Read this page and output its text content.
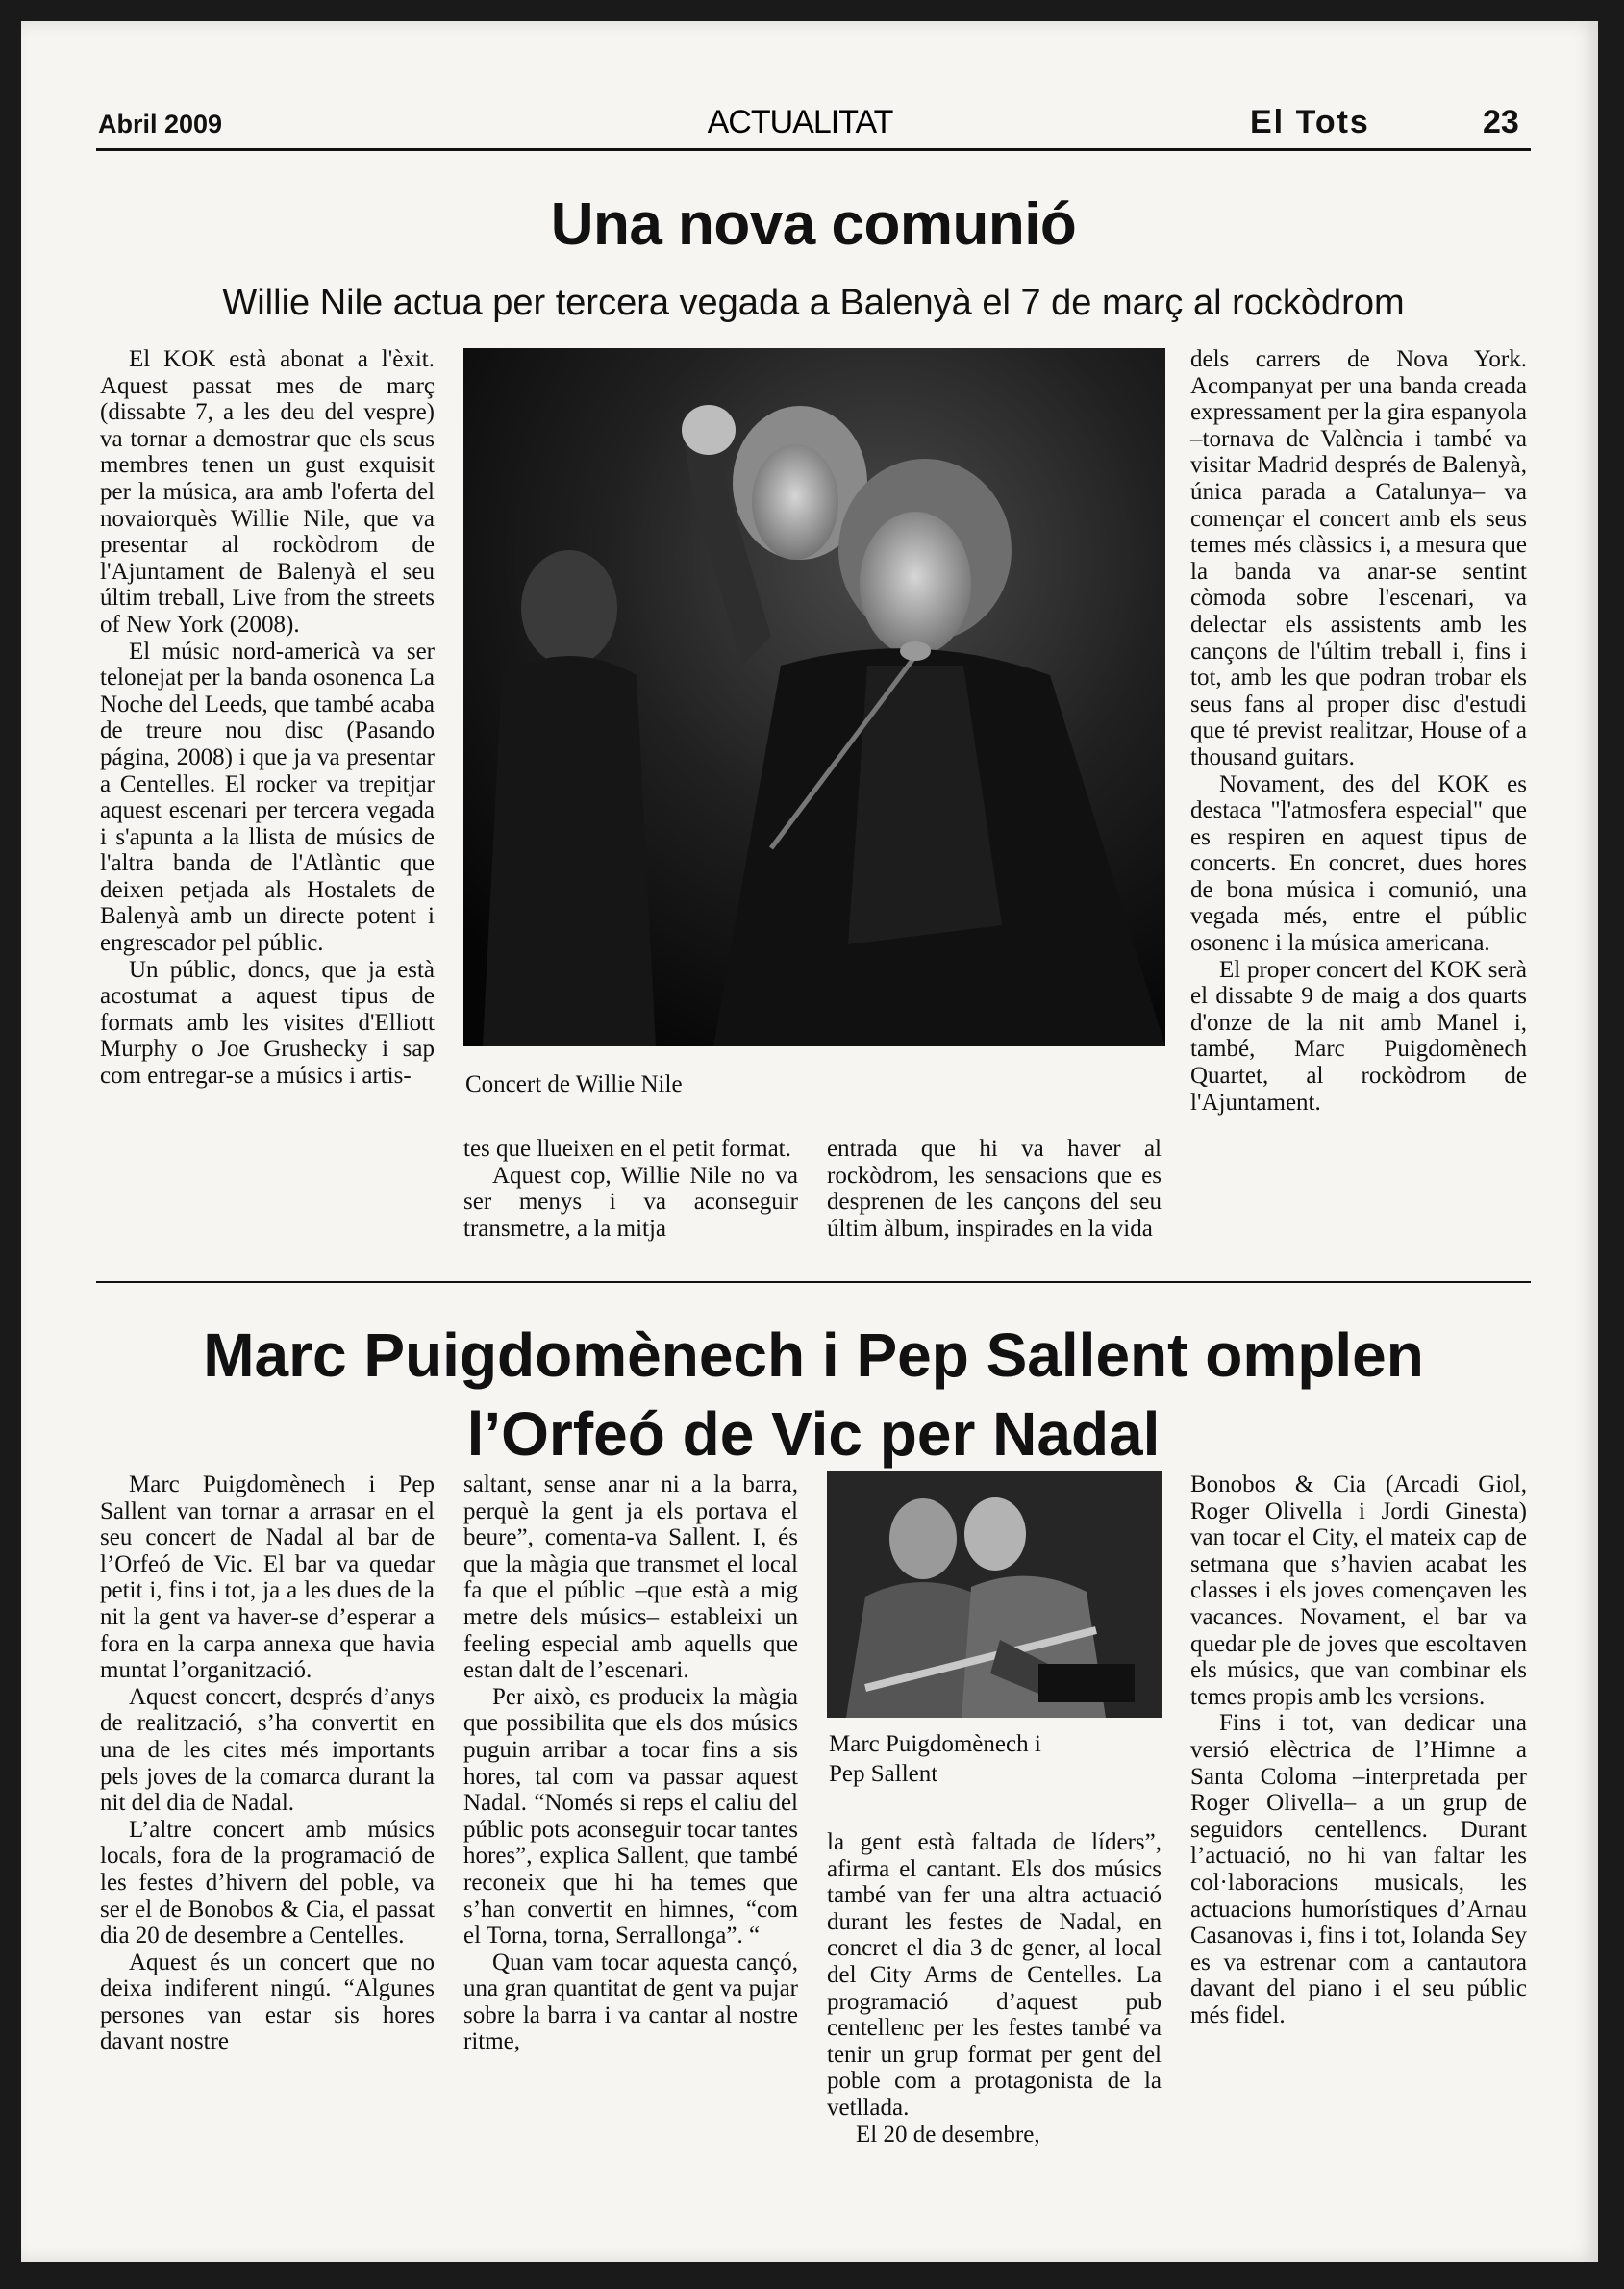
Abril 2009	ACTUALITAT	El Tots	23
Una nova comunió
Willie Nile actua per tercera vegada a Balenyà el 7 de març al rockòdrom

El KOK està abonat a l'èxit. Aquest passat mes de març (dissabte 7, a les deu del vespre) va tornar a demostrar que els seus membres tenen un gust exquisit per la música, ara amb l'oferta del novaiorquès Willie Nile, que va presentar al rockòdrom de l'Ajuntament de Balenyà el seu últim treball, Live from the streets of New York (2008).

El músic nord-americà va ser telonejat per la banda osonenca La Noche del Leeds, que també acaba de treure nou disc (Pasando página, 2008) i que ja va presentar a Centelles. El rocker va trepitjar aquest escenari per tercera vegada i s'apunta a la llista de músics de l'altra banda de l'Atlàntic que deixen petjada als Hostalets de Balenyà amb un directe potent i engrescador pel públic.

Un públic, doncs, que ja està acostumat a aquest tipus de formats amb les visites d'Elliott Murphy o Joe Grushecky i sap com entregar-se a músics i artis-	Concert de Willie Nile

tes que llueixen en el petit format.

Aquest cop, Willie Nile no va ser menys i va aconseguir transmetre, a la mitja

entrada que hi va haver al rockòdrom, les sensacions que es desprenen de les cançons del seu últim àlbum, inspirades en la vida

dels carrers de Nova York. Acompanyat per una banda creada expressament per la gira espanyola –tornava de València i també va visitar Madrid després de Balenyà, única parada a Catalunya– va començar el concert amb els seus temes més clàssics i, a mesura que la banda va anar-se sentint còmoda sobre l'escenari, va delectar els assistents amb les cançons de l'últim treball i, fins i tot, amb les que podran trobar els seus fans al proper disc d'estudi que té previst realitzar, House of a thousand guitars.

Novament, des del KOK es destaca "l'atmosfera especial" que es respiren en aquest tipus de concerts. En concret, dues hores de bona música i comunió, una vegada més, entre el públic osonenc i la música americana.

El proper concert del KOK serà el dissabte 9 de maig a dos quarts d'onze de la nit amb Manel i, també, Marc Puigdomènech Quartet, al rockòdrom de l'Ajuntament.

Marc Puigdomènech i Pep Sallent omplen
l’Orfeó de Vic per Nadal

Marc Puigdomènech i Pep Sallent van tornar a arrasar en el seu concert de Nadal al bar de l’Orfeó de Vic. El bar va quedar petit i, fins i tot, ja a les dues de la nit la gent va haver-se d’esperar a fora en la carpa annexa que havia muntat l’organització.

Aquest concert, després d’anys de realització, s’ha convertit en una de les cites més importants pels joves de la comarca durant la nit del dia de Nadal.

L’altre concert amb músics locals, fora de la programació de les festes d’hivern del poble, va ser el de Bonobos & Cia, el passat dia 20 de desembre a Centelles.

Aquest és un concert que no deixa indiferent ningú. “Algunes persones van estar sis hores davant nostre

saltant, sense anar ni a la barra, perquè la gent ja els portava el beure”, comenta-va Sallent. I, és que la màgia que transmet el local fa que el públic –que està a mig metre dels músics– estableixi un feeling especial amb aquells que estan dalt de l’escenari.

Per això, es produeix la màgia que possibilita que els dos músics puguin arribar a tocar fins a sis hores, tal com va passar aquest Nadal. “Només si reps el caliu del públic pots aconseguir tocar tantes hores”, explica Sallent, que també reconeix que hi ha temes que s’han convertit en himnes, “com el Torna, torna, Serrallonga”. “

Quan vam tocar aquesta cançó, una gran quantitat de gent va pujar sobre la barra i va cantar al nostre ritme,

Marc Puigdomènech i Pep Sallent

la gent està faltada de líders”, afirma el cantant. Els dos músics també van fer una altra actuació durant les festes de Nadal, en concret el dia 3 de gener, al local del City Arms de Centelles. La programació d’aquest pub centellenc per les festes també va tenir un grup format per gent del poble com a protagonista de la vetllada.

El 20 de desembre,

Bonobos & Cia (Arcadi Giol, Roger Olivella i Jordi Ginesta) van tocar el City, el mateix cap de setmana que s’havien acabat les classes i els joves començaven les vacances. Novament, el bar va quedar ple de joves que escoltaven els músics, que van combinar els temes propis amb les versions.

Fins i tot, van dedicar una versió elèctrica de l’Himne a Santa Coloma –interpretada per Roger Olivella– a un grup de seguidors centellencs. Durant l’actuació, no hi van faltar les col·laboracions musicals, les actuacions humorístiques d’Arnau Casanovas i, fins i tot, Iolanda Sey es va estrenar com a cantautora davant del piano i el seu públic més fidel.
